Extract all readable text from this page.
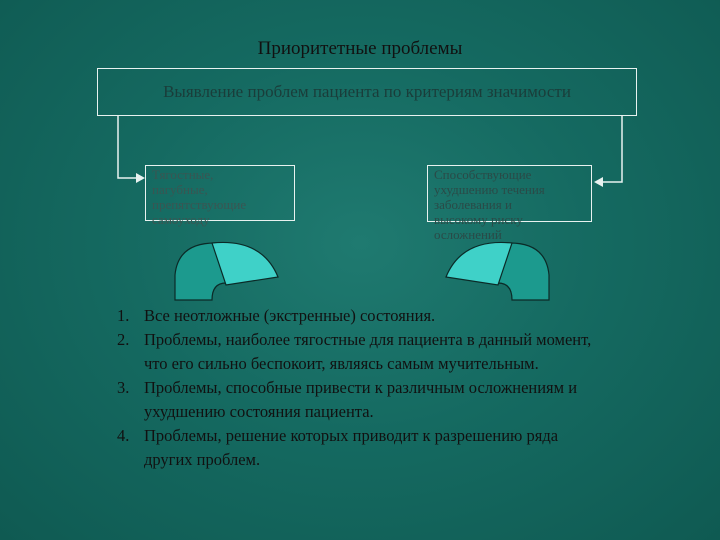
Приоритетные проблемы
Выявление проблем пациента по критериям значимости
Тягостные,
пагубные,
препятствующие
самоуходу
Способствующие
ухудшению течения
заболевания и
высокому риску
осложнений
1. Все неотложные (экстренные) состояния.
2. Проблемы, наиболее тягостные для пациента в данный момент, что его сильно беспокоит, являясь самым мучительным.
3. Проблемы, способные привести к различным осложнениям и ухудшению состояния пациента.
4. Проблемы, решение которых приводит к разрешению ряда других проблем.
